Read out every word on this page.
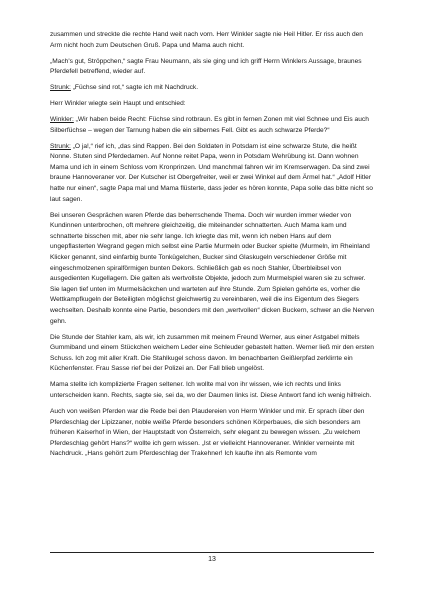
zusammen und streckte die rechte Hand weit nach vorn. Herr Winkler sagte nie Heil Hitler. Er riss auch den Arm nicht hoch zum Deutschen Gruß. Papa und Mama auch nicht.

„Mach's gut, Ströppchen,“ sagte Frau Neumann, als sie ging und ich griff Herrn Winklers Aussage, braunes Pferdefell betreffend, wieder auf.

Strunk: „Füchse sind rot,“ sagte ich mit Nachdruck.

Herr Winkler wiegte sein Haupt und entschied:

Winkler: „Wir haben beide Recht: Füchse sind rotbraun. Es gibt in fernen Zonen mit viel Schnee und Eis auch Silberfüchse – wegen der Tarnung haben die ein silbernes Fell. Gibt es auch schwarze Pferde?“

Strunk: „O ja!,“ rief ich, „das sind Rappen. Bei den Soldaten in Potsdam ist eine schwarze Stute, die heißt Nonne. Stuten sind Pferdedamen. Auf Nonne reitet Papa, wenn in Potsdam Wehrübung ist. Dann wohnen Mama und ich in einem Schloss vom Kronprinzen. Und manchmal fahren wir im Kremserwagen. Da sind zwei braune Hannoveraner vor. Der Kutscher ist Obergefreiter, weil er zwei Winkel auf dem Ärmel hat.“ „Adolf Hitler hatte nur einen“, sagte Papa mal und Mama flüsterte, dass jeder es hören konnte, Papa solle das bitte nicht so laut sagen.

Bei unseren Gesprächen waren Pferde das beherrschende Thema. Doch wir wurden immer wieder von Kundinnen unterbrochen, oft mehrere gleichzeitig, die miteinander schnatterten. Auch Mama kam und schnatterte bisschen mit, aber nie sehr lange. Ich kriegte das mit, wenn ich neben Hans auf dem ungepflasterten Wegrand gegen mich selbst eine Partie Murmeln oder Bucker spielte (Murmeln, im Rheinland Klicker genannt, sind einfarbig bunte Tonkügelchen, Bucker sind Glaskugeln verschiedener Größe mit eingeschmolzenen spiralförmigen bunten Dekors. Schließlich gab es noch Stahler, Überbleibsel von ausgedienten Kugellagern. Die galten als wertvollste Objekte, jedoch zum Murmelspiel waren sie zu schwer. Sie lagen tief unten im Murmelsäckchen und warteten auf ihre Stunde. Zum Spielen gehörte es, vorher die Wettkampfkugeln der Beteiligten möglichst gleichwertig zu vereinbaren, weil die ins Eigentum des Siegers wechselten. Deshalb konnte eine Partie, besonders mit den „wertvollen“ dicken Buckern, schwer an die Nerven gehn.

Die Stunde der Stahler kam, als wir, ich zusammen mit meinem Freund Werner, aus einer Astgabel mittels Gummiband und einem Stückchen weichem Leder eine Schleuder gebastelt hatten. Werner ließ mir den ersten Schuss. Ich zog mit aller Kraft. Die Stahlkugel schoss davon. Im benachbarten Geißlerpfad zerklirrte ein Küchenfenster. Frau Sasse rief bei der Polizei an. Der Fall blieb ungelöst.

Mama stellte ich komplizierte Fragen seltener. Ich wollte mal von ihr wissen, wie ich rechts und links unterscheiden kann. Rechts, sagte sie, sei da, wo der Daumen links ist. Diese Antwort fand ich wenig hilfreich.

Auch von weißen Pferden war die Rede bei den Plaudereien von Herrn Winkler und mir. Er sprach über den Pferdeschlag der Lipizzaner, noble weiße Pferde besonders schönen Körperbaues, die sich besonders am früheren Kaiserhof in Wien, der Hauptstadt von Österreich, sehr elegant zu bewegen wissen. „Zu welchem Pferdeschlag gehört Hans?“ wollte ich gern wissen. „Ist er vielleicht Hannoveraner. Winkler verneinte mit Nachdruck. „Hans gehört zum Pferdeschlag der Trakehner! Ich kaufte ihn als Remonte vom

13
